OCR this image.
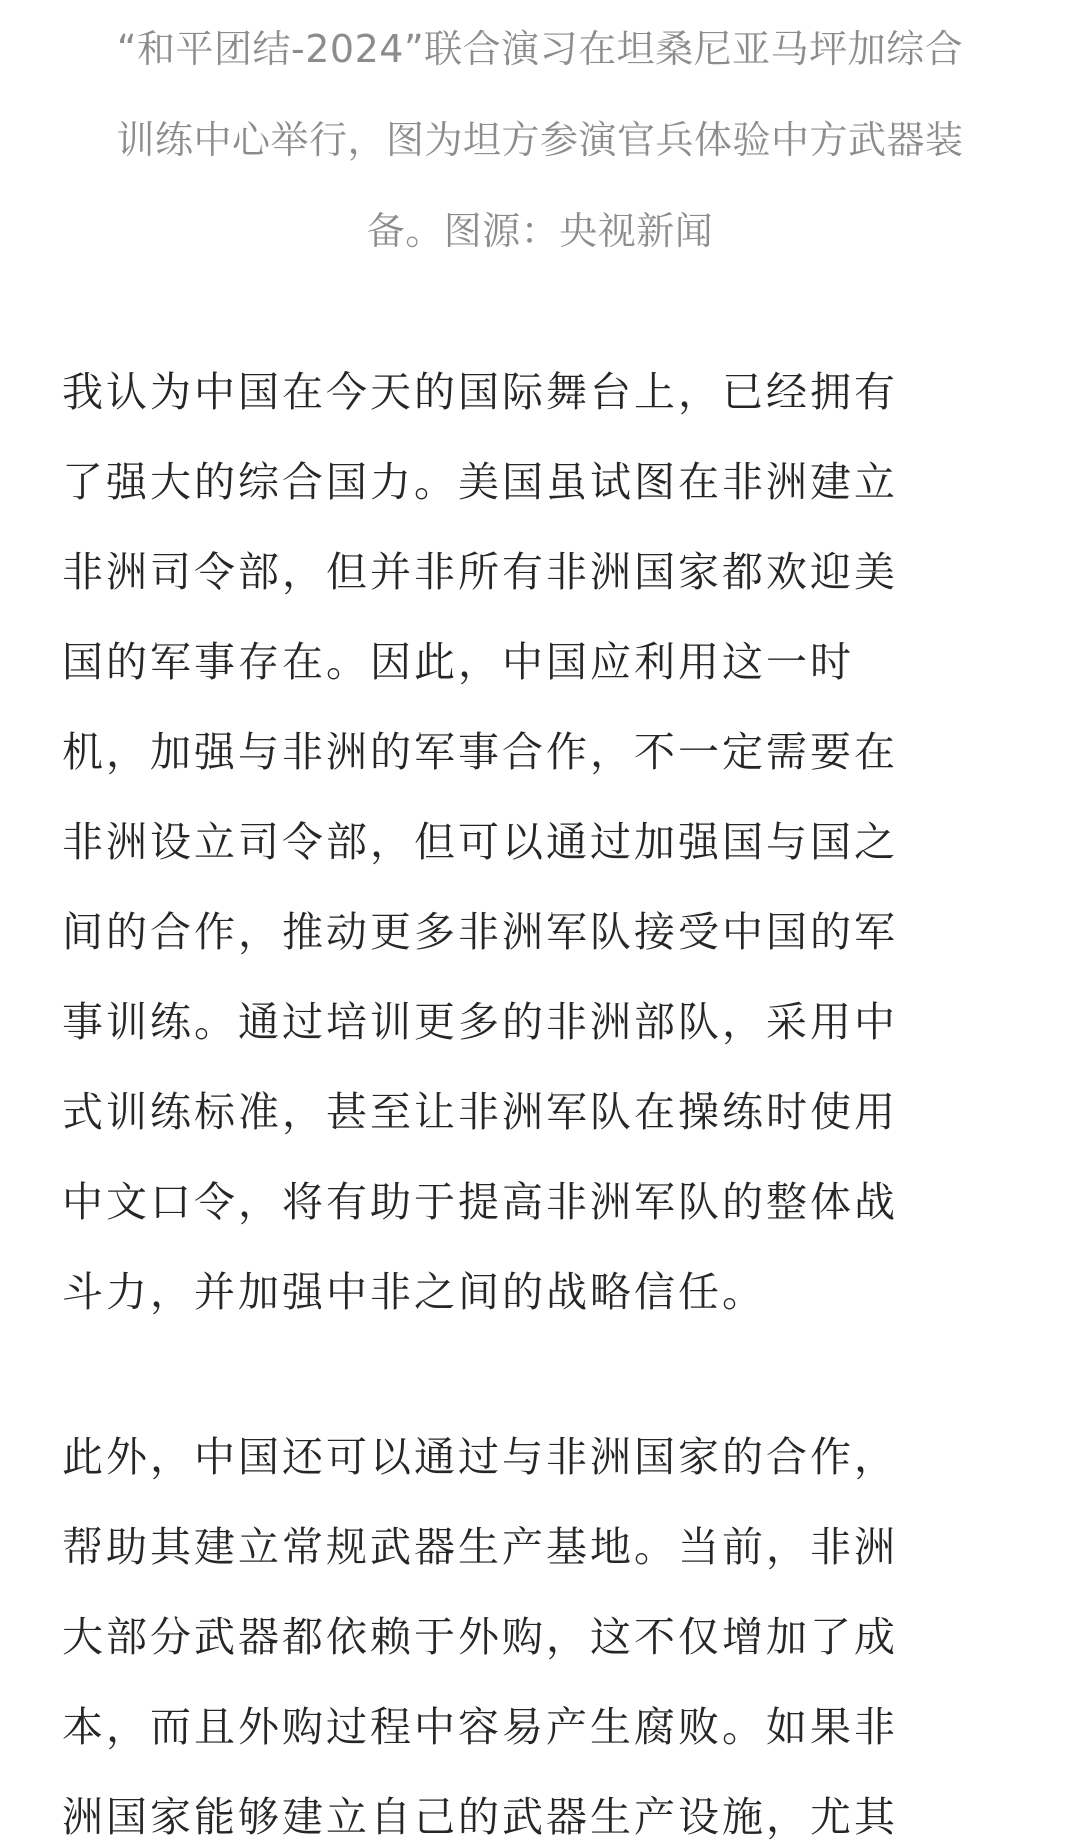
“和平团结-2024”联合演习在坦桑尼亚马坪加综合
训练中心举行，图为坦方参演官兵体验中方武器装
备。图源：央视新闻

我认为中国在今天的国际舞台上，已经拥有
了强大的综合国力。美国虽试图在非洲建立
非洲司令部，但并非所有非洲国家都欢迎美
国的军事存在。因此，中国应利用这一时
机，加强与非洲的军事合作，不一定需要在
非洲设立司令部，但可以通过加强国与国之
间的合作，推动更多非洲军队接受中国的军
事训练。通过培训更多的非洲部队，采用中
式训练标准，甚至让非洲军队在操练时使用
中文口令，将有助于提高非洲军队的整体战
斗力，并加强中非之间的战略信任。

此外，中国还可以通过与非洲国家的合作，
帮助其建立常规武器生产基地。当前，非洲
大部分武器都依赖于外购，这不仅增加了成
本，而且外购过程中容易产生腐败。如果非
洲国家能够建立自己的武器生产设施，尤其
